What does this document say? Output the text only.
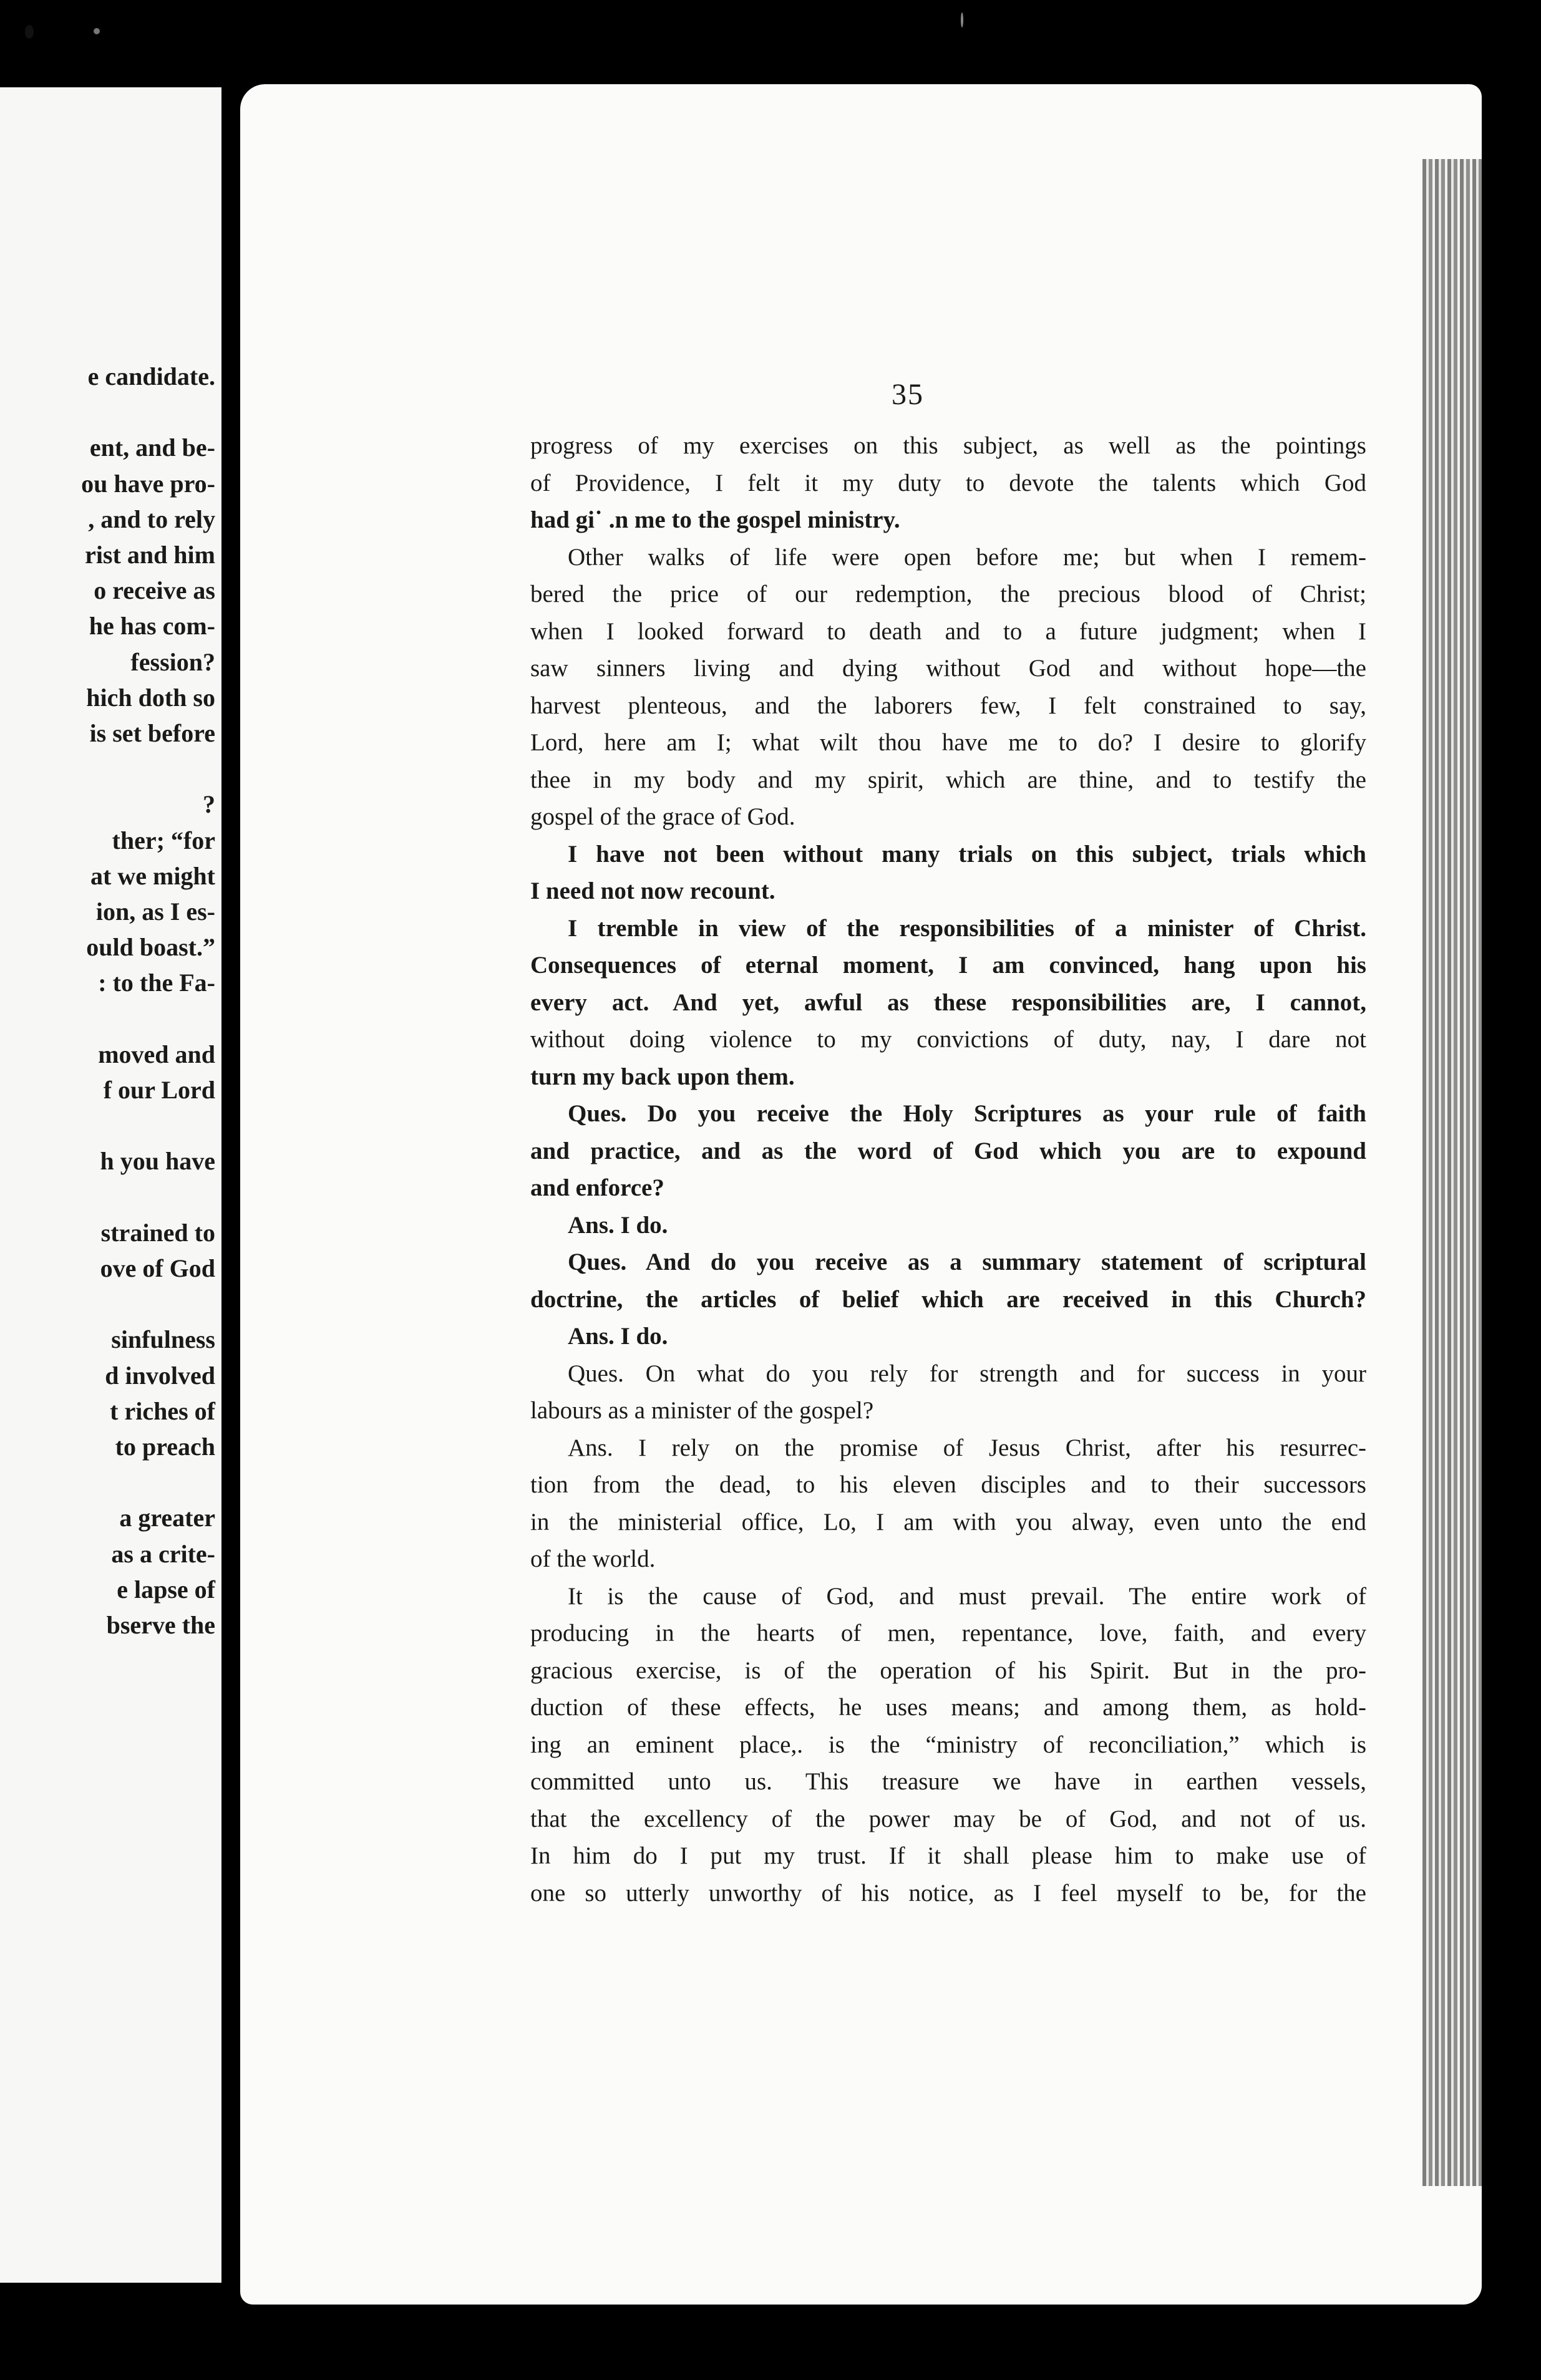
e candidate.
ent, and be-
ou have pro-
, and to rely
rist and him
o receive as
he has com-
fession?
hich doth so
is set before
?
ther; “for
at we might
ion, as I es-
ould boast.”
: to the Fa-
moved and
f our Lord
h you have
strained to
ove of God
sinfulness
d involved
t riches of
to preach
a greater
as a crite-
e lapse of
bserve the
35
progress of my exercises on this subject, as well as the pointings
of Providence, I felt it my duty to devote the talents which God
had gi˙ .n me to the gospel ministry.
Other walks of life were open before me; but when I remem-
bered the price of our redemption, the precious blood of Christ;
when I looked forward to death and to a future judgment; when I
saw sinners living and dying without God and without hope—the
harvest plenteous, and the laborers few, I felt constrained to say,
Lord, here am I; what wilt thou have me to do? I desire to glorify
thee in my body and my spirit, which are thine, and to testify the
gospel of the grace of God.
I have not been without many trials on this subject, trials which
I need not now recount.
I tremble in view of the responsibilities of a minister of Christ.
Consequences of eternal moment, I am convinced, hang upon his
every act. And yet, awful as these responsibilities are, I cannot,
without doing violence to my convictions of duty, nay, I dare not
turn my back upon them.
Ques. Do you receive the Holy Scriptures as your rule of faith
and practice, and as the word of God which you are to expound
and enforce?
Ans. I do.
Ques. And do you receive as a summary statement of scriptural
doctrine, the articles of belief which are received in this Church?
Ans. I do.
Ques. On what do you rely for strength and for success in your
labours as a minister of the gospel?
Ans. I rely on the promise of Jesus Christ, after his resurrec-
tion from the dead, to his eleven disciples and to their successors
in the ministerial office, Lo, I am with you alway, even unto the end
of the world.
It is the cause of God, and must prevail. The entire work of
producing in the hearts of men, repentance, love, faith, and every
gracious exercise, is of the operation of his Spirit. But in the pro-
duction of these effects, he uses means; and among them, as hold-
ing an eminent place,. is the “ministry of reconciliation,” which is
committed unto us. This treasure we have in earthen vessels,
that the excellency of the power may be of God, and not of us.
In him do I put my trust. If it shall please him to make use of
one so utterly unworthy of his notice, as I feel myself to be, for the
